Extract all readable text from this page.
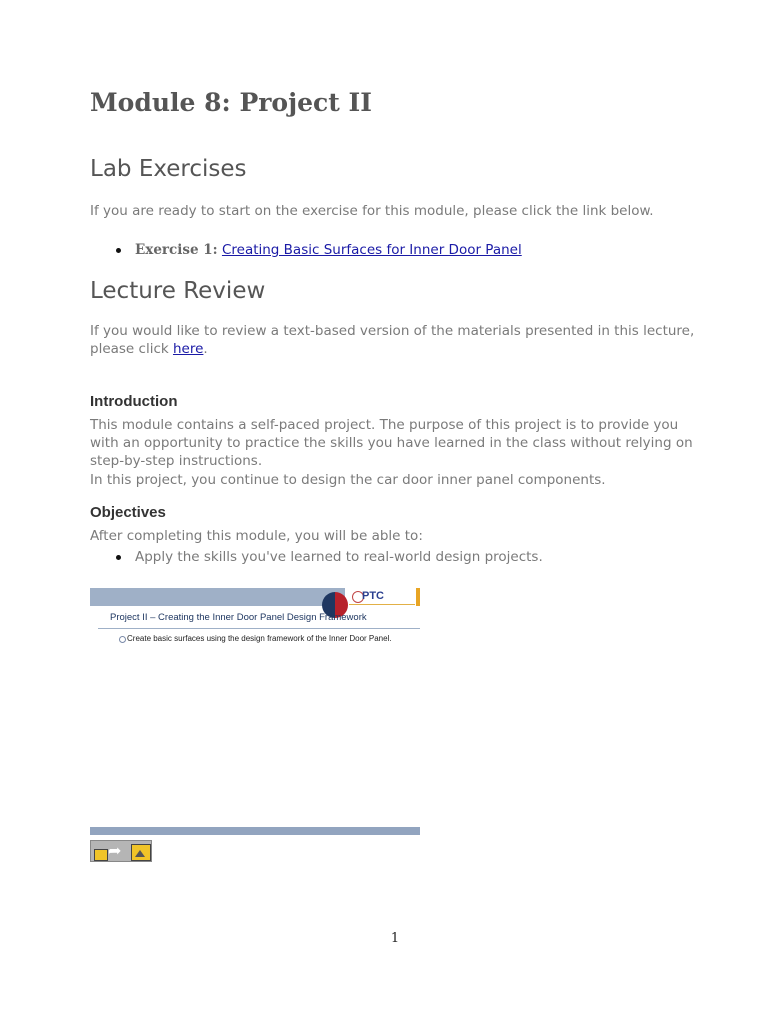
Module 8: Project II
Lab Exercises

If you are ready to start on the exercise for this module, please click the link below.

Exercise 1: Creating Basic Surfaces for Inner Door Panel
Lecture Review

If you would like to review a text-based version of the materials presented in this lecture, please click here.

Introduction

This module contains a self-paced project. The purpose of this project is to provide you with an opportunity to practice the skills you have learned in the class without relying on step-by-step instructions.

In this project, you continue to design the car door inner panel components.

Objectives

After completing this module, you will be able to:

Apply the skills you've learned to real-world design projects.
PTC
Project II – Creating the Inner Door Panel Design Framework
Create basic surfaces using the design framework of the Inner Door Panel.
➦
1
